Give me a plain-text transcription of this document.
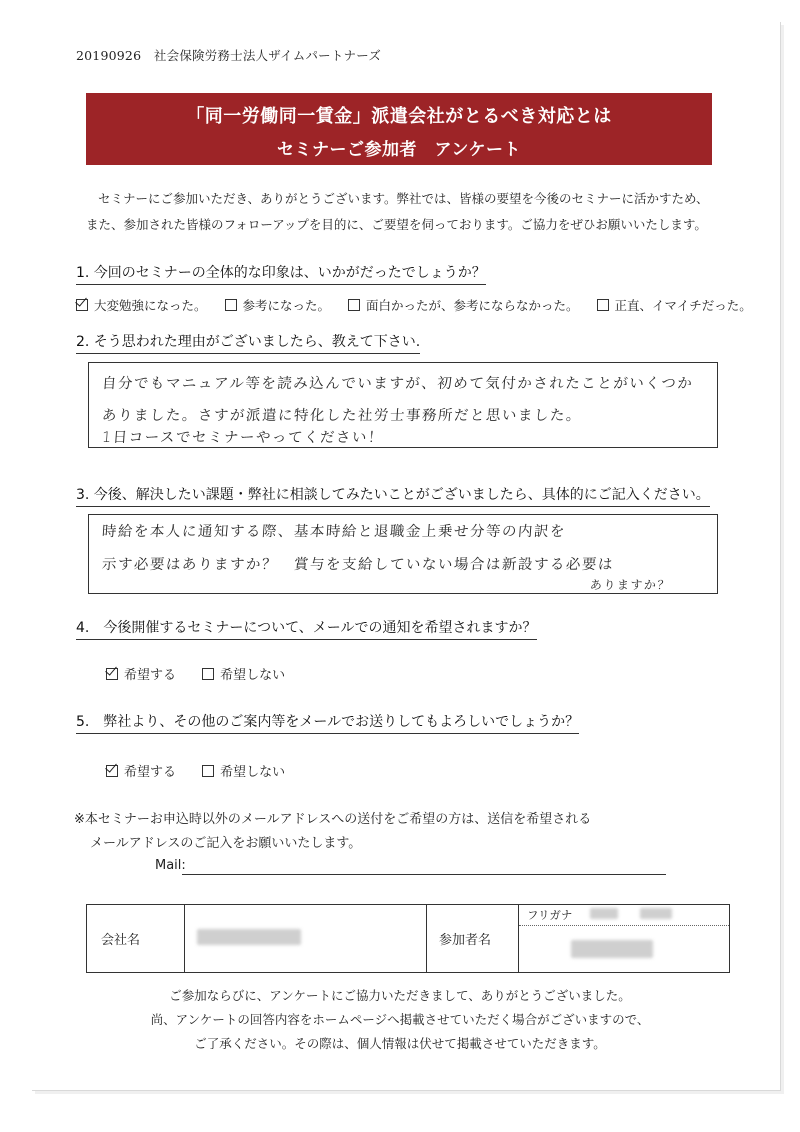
20190926　社会保険労務士法人ザイムパートナーズ
「同一労働同一賃金」派遣会社がとるべき対応とは
セミナーご参加者　アンケート
セミナーにご参加いただき、ありがとうございます。弊社では、皆様の要望を今後のセミナーに活かすため、
また、参加された皆様のフォローアップを目的に、ご要望を伺っております。ご協力をぜひお願いいたします。
1. 今回のセミナーの全体的な印象は、いかがだったでしょうか？
大変勉強になった。	参考になった。	面白かったが、参考にならなかった。	正直、イマイチだった。
2. そう思われた理由がございましたら、教えて下さい.
自分でもマニュアル等を読み込んでいますが、初めて気付かされたことがいくつか
ありました。さすが派遣に特化した社労士事務所だと思いました。
1日コースでセミナーやってください！
3. 今後、解決したい課題・弊社に相談してみたいことがございましたら、具体的にご記入ください。
時給を本人に通知する際、基本時給と退職金上乗せ分等の内訳を
示す必要はありますか？　賞与を支給していない場合は新設する必要は
ありますか？
4.　今後開催するセミナーについて、メールでの通知を希望されますか？
希望する	希望しない
5.　弊社より、その他のご案内等をメールでお送りしてもよろしいでしょうか？
希望する	希望しない
※本セミナーお申込時以外のメールアドレスへの送付をご希望の方は、送信を希望される
メールアドレスのご記入をお願いいたします。
Mail:
会社名		参加者名	
フリガナ
ご参加ならびに、アンケートにご協力いただきまして、ありがとうございました。
尚、アンケートの回答内容をホームページへ掲載させていただく場合がございますので、
ご了承ください。その際は、個人情報は伏せて掲載させていただきます。
